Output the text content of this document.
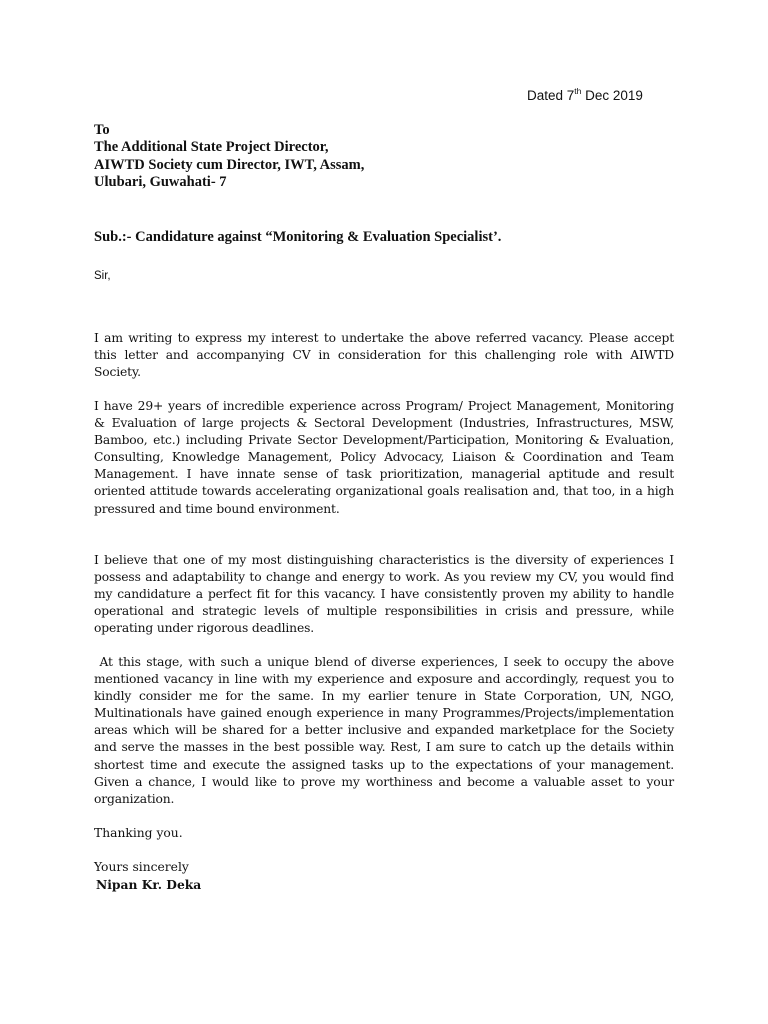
Dated 7th Dec 2019
To
The Additional State Project Director,
AIWTD Society cum Director, IWT, Assam,
Ulubari, Guwahati- 7
Sub.:- Candidature against “Monitoring & Evaluation Specialist’.
Sir,
I am writing to express my interest to undertake the above referred vacancy. Please accept this letter and accompanying CV in consideration for this challenging role with AIWTD Society.
I have 29+ years of incredible experience across Program/ Project Management, Monitoring & Evaluation of large projects & Sectoral Development (Industries, Infrastructures, MSW, Bamboo, etc.) including Private Sector Development/Participation, Monitoring & Evaluation, Consulting, Knowledge Management, Policy Advocacy, Liaison & Coordination and Team Management. I have innate sense of task prioritization, managerial aptitude and result oriented attitude towards accelerating organizational goals realisation and, that too, in a high pressured and time bound environment.
I believe that one of my most distinguishing characteristics is the diversity of experiences I possess and adaptability to change and energy to work. As you review my CV, you would find my candidature a perfect fit for this vacancy. I have consistently proven my ability to handle operational and strategic levels of multiple responsibilities in crisis and pressure, while operating under rigorous deadlines.
At this stage, with such a unique blend of diverse experiences, I seek to occupy the above mentioned vacancy in line with my experience and exposure and accordingly, request you to kindly consider me for the same. In my earlier tenure in State Corporation, UN, NGO, Multinationals have gained enough experience in many Programmes/Projects/implementation areas which will be shared for a better inclusive and expanded marketplace for the Society and serve the masses in the best possible way. Rest, I am sure to catch up the details within shortest time and execute the assigned tasks up to the expectations of your management. Given a chance, I would like to prove my worthiness and become a valuable asset to your organization.
Thanking you.
Yours sincerely
Nipan Kr. Deka
